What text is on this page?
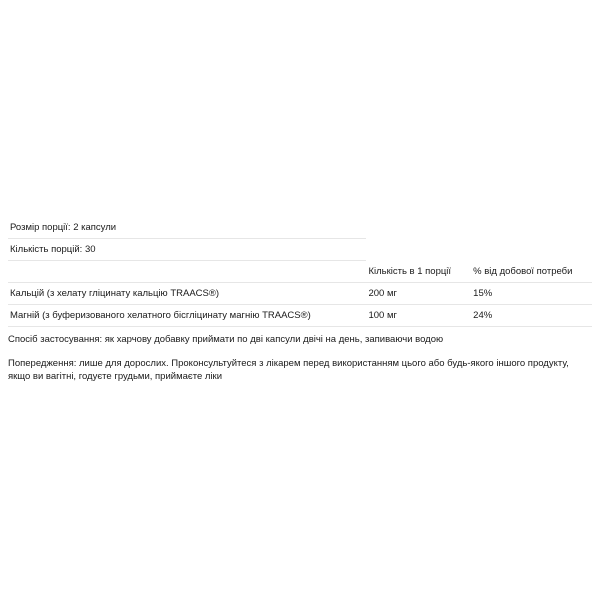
Розмір порції: 2 капсули		
Кількість порцій: 30		
	Кількість в 1 порції	% від добової потреби
Кальцій (з хелату гліцинату кальцію TRAACS®)	200 мг	15%
Магній (з буферизованого хелатного бісгліцинату магнію TRAACS®)	100 мг	24%
Спосіб застосування: як харчову добавку приймати по дві капсули двічі на день, запиваючи водою
Попередження: лише для дорослих. Проконсультуйтеся з лікарем перед використанням цього або будь-якого іншого продукту, якщо ви вагітні, годуєте грудьми, приймаєте ліки
